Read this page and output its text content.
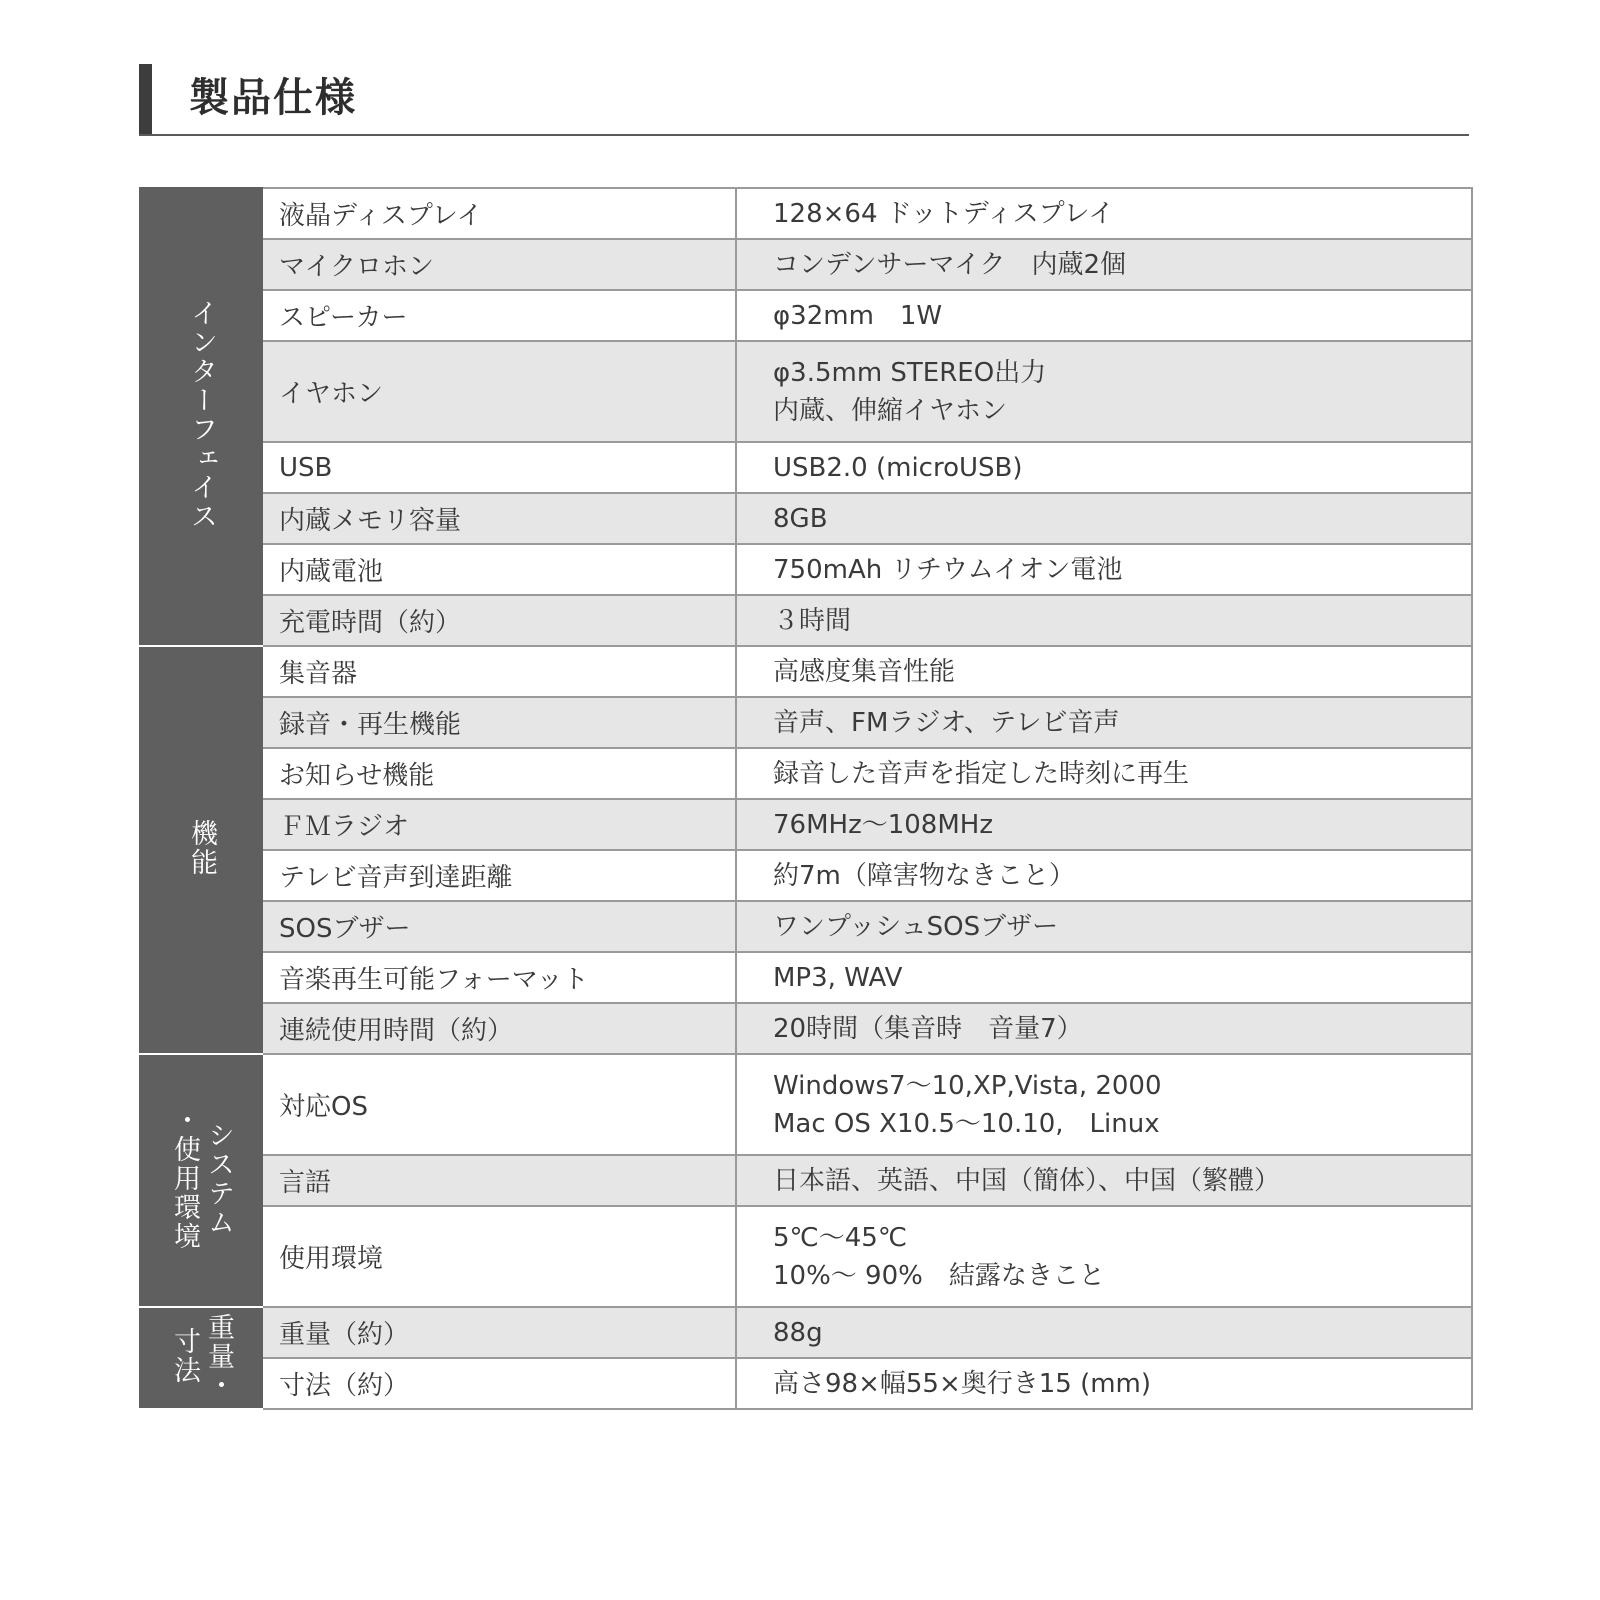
製品仕様
インターフェイス	液晶ディスプレイ	128×64 ドットディスプレイ

	マイクロホン	コンデンサーマイク　内蔵2個

	スピーカー	φ32mm　1W

	イヤホン	φ3.5mm STEREO出力
内蔵、伸縮イヤホン

	USB	USB2.0 (microUSB)

	内蔵メモリ容量	8GB

	内蔵電池	750mAh リチウムイオン電池

	充電時間（約）	３時間

機能	集音器	高感度集音性能

	録音・再生機能	音声、FMラジオ、テレビ音声

	お知らせ機能	録音した音声を指定した時刻に再生

	ＦＭラジオ	76MHz〜108MHz

	テレビ音声到達距離	約7m（障害物なきこと）

	SOSブザー	ワンプッシュSOSブザー

	音楽再生可能フォーマット	MP3, WAV

	連続使用時間（約）	20時間（集音時　音量7）

システム
・使用環境	対応OS	Windows7〜10,XP,Vista, 2000
Mac OS X10.5〜10.10,　Linux

	言語	日本語、英語、中国（簡体）、中国（繁體）

	使用環境	5℃〜45℃
10%〜 90%　結露なきこと

重量・
寸法	重量（約）	88g

	寸法（約）	高さ98×幅55×奥行き15 (mm)
